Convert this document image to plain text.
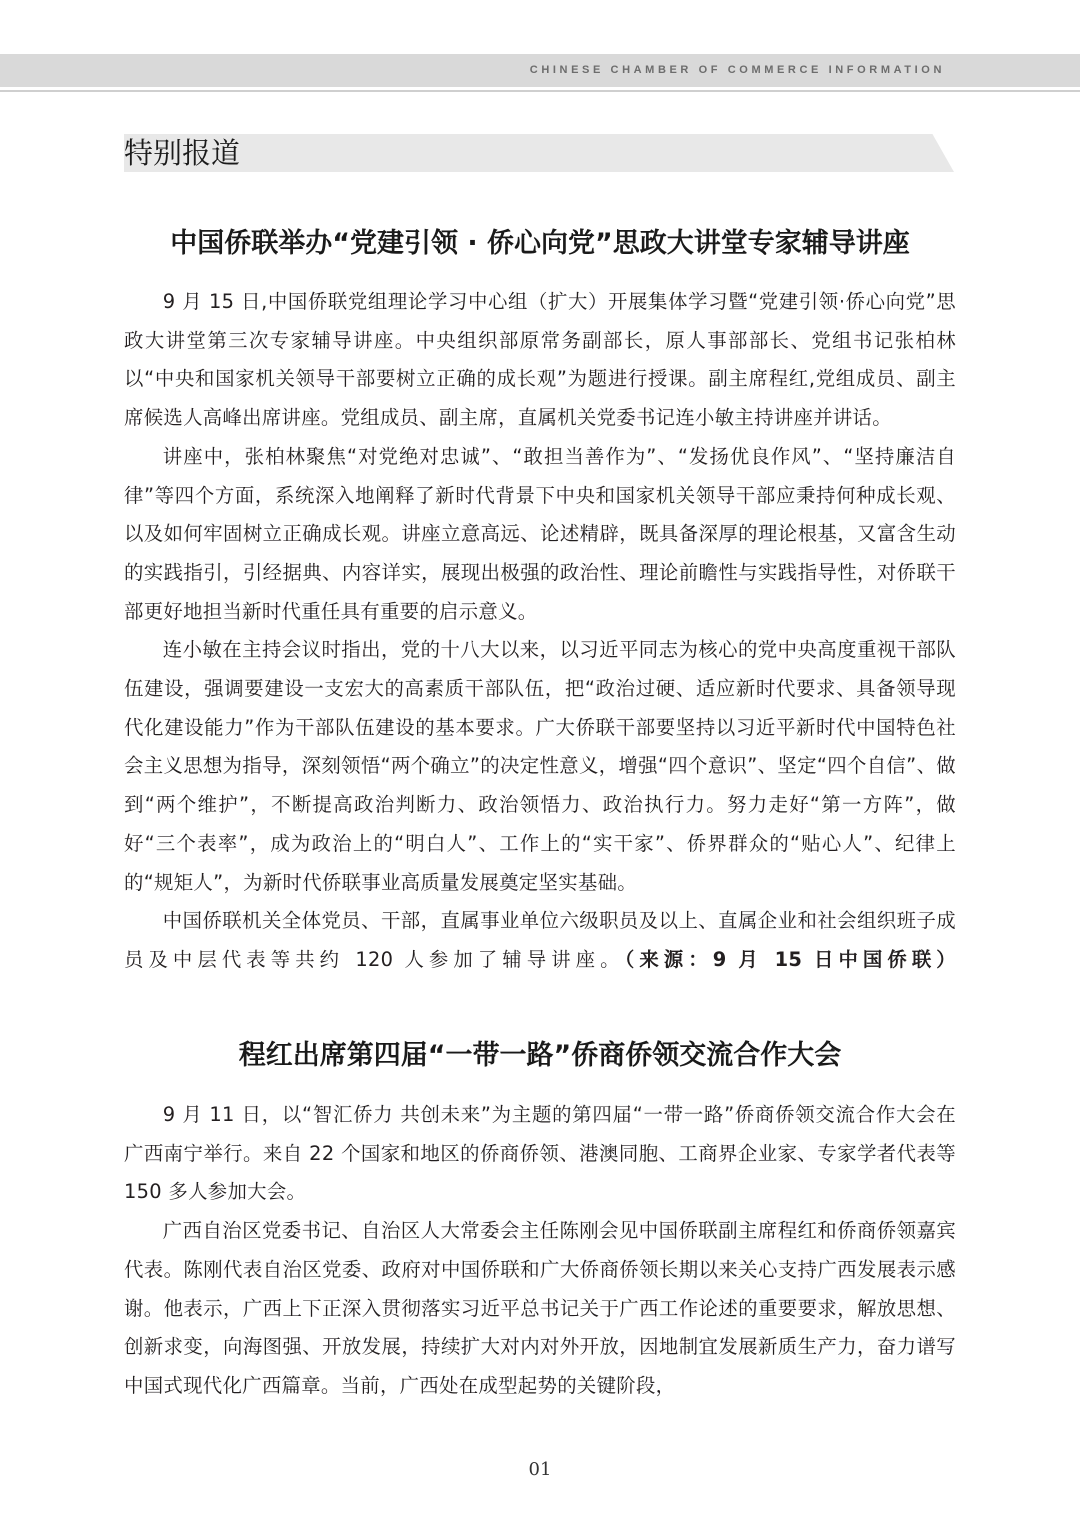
CHINESE CHAMBER OF COMMERCE INFORMATION
特别报道
中国侨联举办“党建引领 · 侨心向党”思政大讲堂专家辅导讲座

9 月 15 日,中国侨联党组理论学习中心组（扩大）开展集体学习暨“党建引领·侨心向党”思政大讲堂第三次专家辅导讲座。中央组织部原常务副部长，原人事部部长、党组书记张柏林以“中央和国家机关领导干部要树立正确的成长观”为题进行授课。副主席程红,党组成员、副主席候选人高峰出席讲座。党组成员、副主席，直属机关党委书记连小敏主持讲座并讲话。

讲座中，张柏林聚焦“对党绝对忠诚”、“敢担当善作为”、“发扬优良作风”、“坚持廉洁自律”等四个方面，系统深入地阐释了新时代背景下中央和国家机关领导干部应秉持何种成长观、以及如何牢固树立正确成长观。讲座立意高远、论述精辟，既具备深厚的理论根基，又富含生动的实践指引，引经据典、内容详实，展现出极强的政治性、理论前瞻性与实践指导性，对侨联干部更好地担当新时代重任具有重要的启示意义。

连小敏在主持会议时指出，党的十八大以来，以习近平同志为核心的党中央高度重视干部队伍建设，强调要建设一支宏大的高素质干部队伍，把“政治过硬、适应新时代要求、具备领导现代化建设能力”作为干部队伍建设的基本要求。广大侨联干部要坚持以习近平新时代中国特色社会主义思想为指导，深刻领悟“两个确立”的决定性意义，增强“四个意识”、坚定“四个自信”、做到“两个维护”，不断提高政治判断力、政治领悟力、政治执行力。努力走好“第一方阵”，做好“三个表率”，成为政治上的“明白人”、工作上的“实干家”、侨界群众的“贴心人”、纪律上的“规矩人”，为新时代侨联事业高质量发展奠定坚实基础。

中国侨联机关全体党员、干部，直属事业单位六级职员及以上、直属企业和社会组织班子成员及中层代表等共约 120 人参加了辅导讲座。（来源：9 月 15 日中国侨联）

程红出席第四届“一带一路”侨商侨领交流合作大会

9 月 11 日，以“智汇侨力 共创未来”为主题的第四届“一带一路”侨商侨领交流合作大会在广西南宁举行。来自 22 个国家和地区的侨商侨领、港澳同胞、工商界企业家、专家学者代表等 150 多人参加大会。

广西自治区党委书记、自治区人大常委会主任陈刚会见中国侨联副主席程红和侨商侨领嘉宾代表。陈刚代表自治区党委、政府对中国侨联和广大侨商侨领长期以来关心支持广西发展表示感谢。他表示，广西上下正深入贯彻落实习近平总书记关于广西工作论述的重要要求，解放思想、创新求变，向海图强、开放发展，持续扩大对内对外开放，因地制宜发展新质生产力，奋力谱写中国式现代化广西篇章。当前，广西处在成型起势的关键阶段，

01
